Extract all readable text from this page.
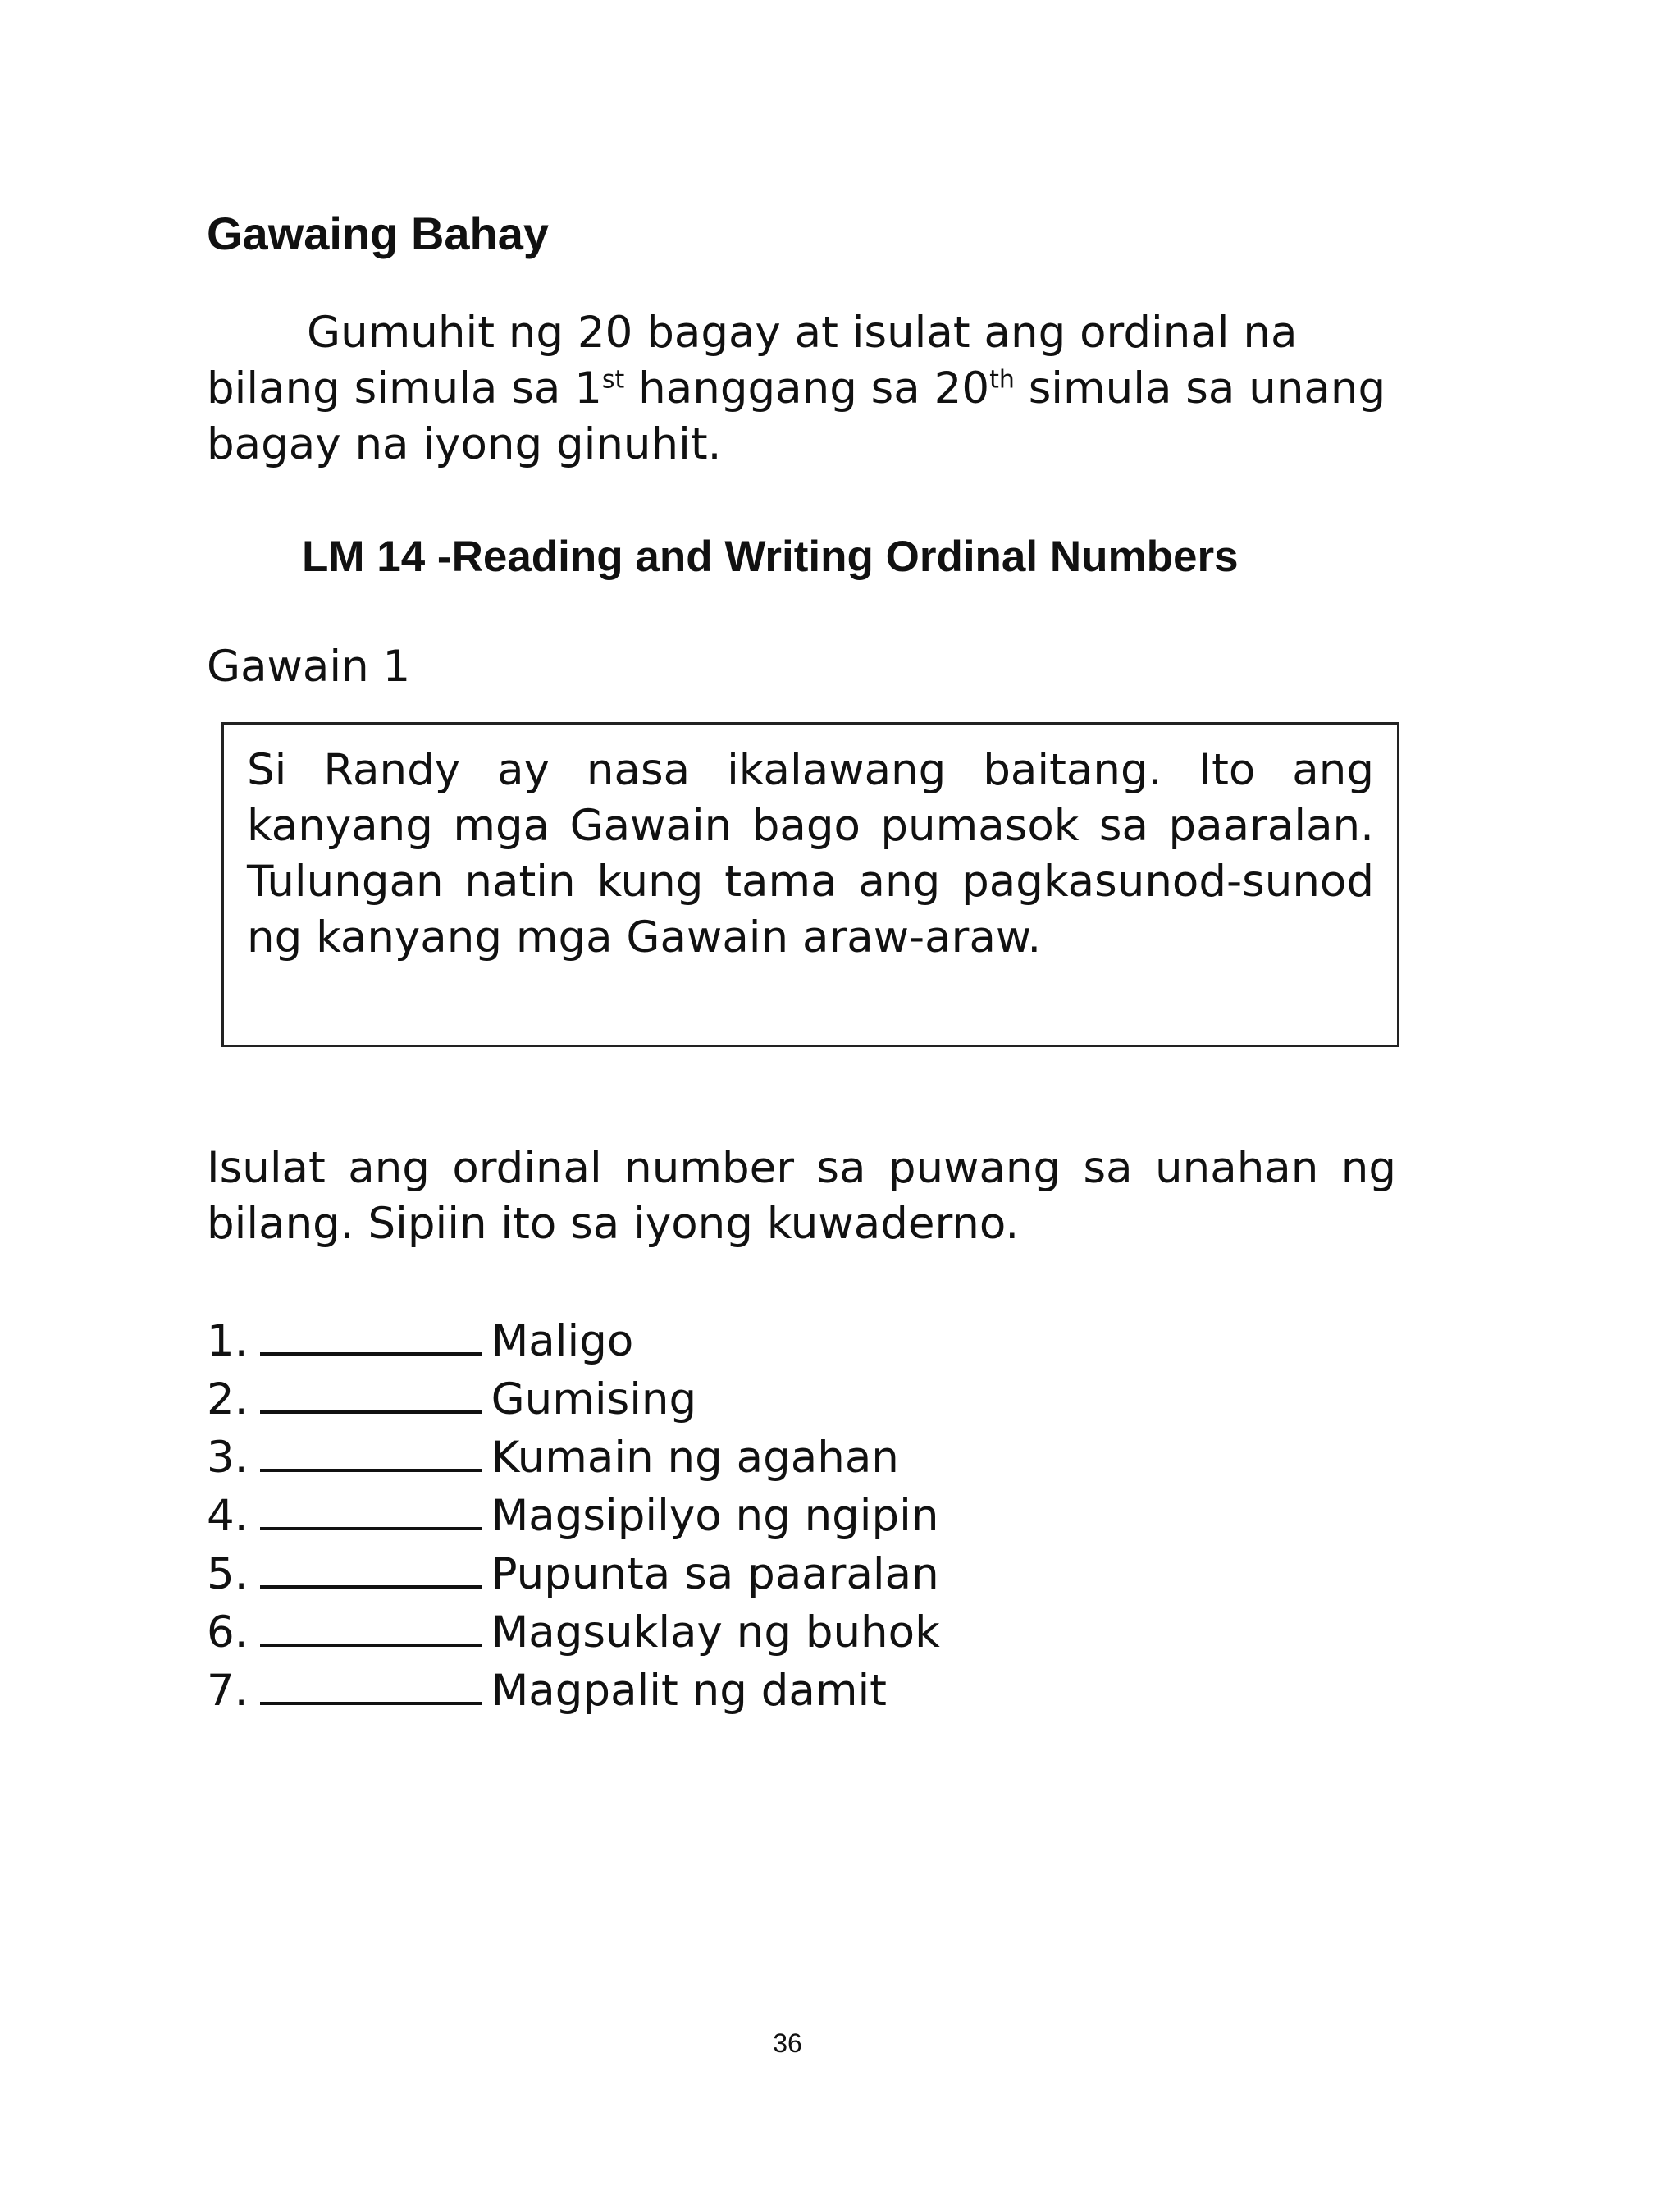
Gawaing Bahay

Gumuhit ng 20 bagay at isulat ang ordinal na bilang simula sa 1st hanggang sa 20th simula sa unang bagay na iyong ginuhit.

LM 14 -Reading and Writing Ordinal Numbers

Gawain 1

Si Randy ay nasa ikalawang baitang. Ito ang kanyang mga Gawain bago pumasok sa paaralan. Tulungan natin kung tama ang pagkasunod-sunod ng kanyang mga Gawain araw-araw.

Isulat ang ordinal number sa puwang sa unahan ng bilang. Sipiin ito sa iyong kuwaderno.

1.	Maligo
2.	Gumising
3.	Kumain ng agahan
4.	Magsipilyo ng ngipin
5.	Pupunta sa paaralan
6.	Magsuklay ng buhok
7.	Magpalit ng damit

36
